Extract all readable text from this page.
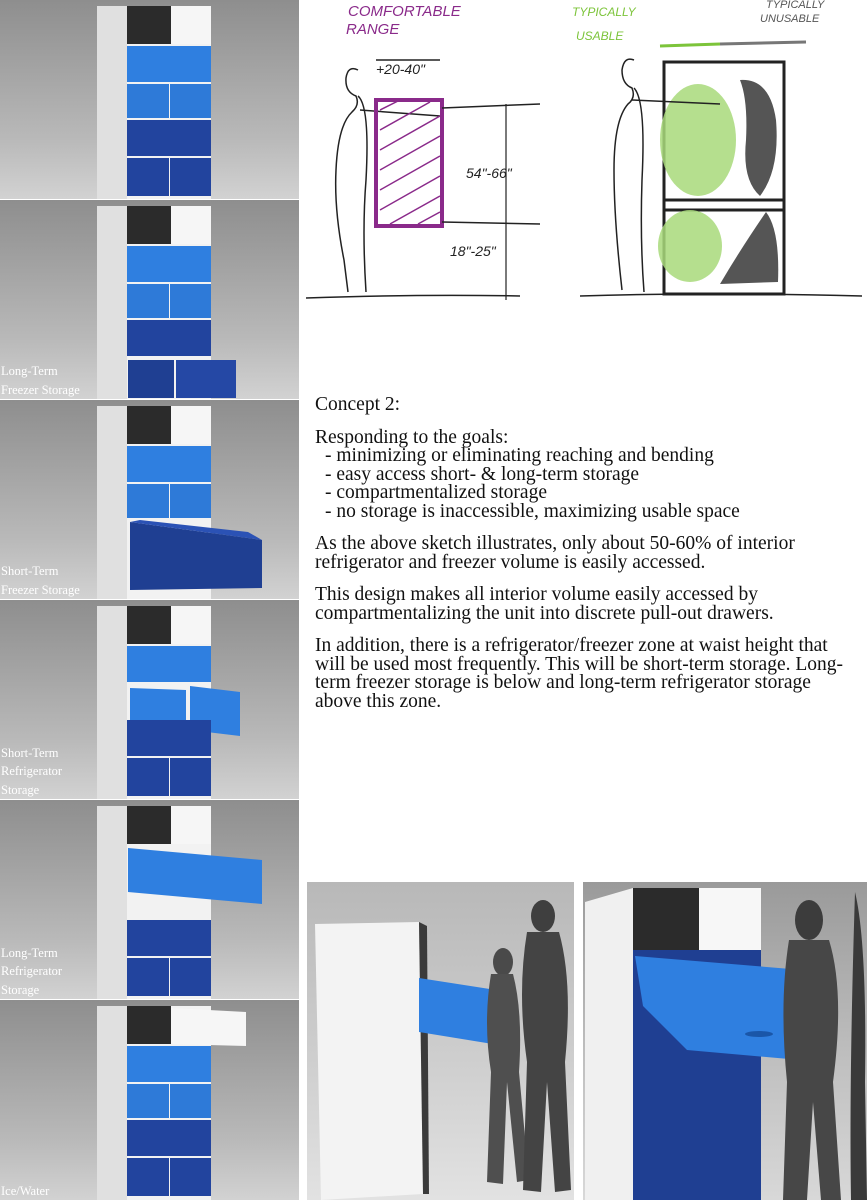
Long-Term
Freezer Storage
Short-Term
Freezer Storage
Short-Term
Refrigerator
Storage
Long-Term
Refrigerator
Storage
Ice/Water
COMFORTABLE
RANGE
+20-40"
54"-66"
18"-25"
TYPICALLY
USABLE
TYPICALLY
UNUSABLE

Concept 2:

Responding to the goals:
- minimizing or eliminating reaching and bending
- easy access short- & long-term storage
- compartmentalized storage
- no storage is inaccessible, maximizing usable space

As the above sketch illustrates, only about 50-60% of interior refrigerator and freezer volume is easily accessed.

This design makes all interior volume easily accessed by compartmentalizing the unit into discrete pull-out drawers.

In addition, there is a refrigerator/freezer zone at waist height that will be used most frequently. This will be short-term storage. Long-term freezer storage is below and long-term refrigerator storage above this zone.
